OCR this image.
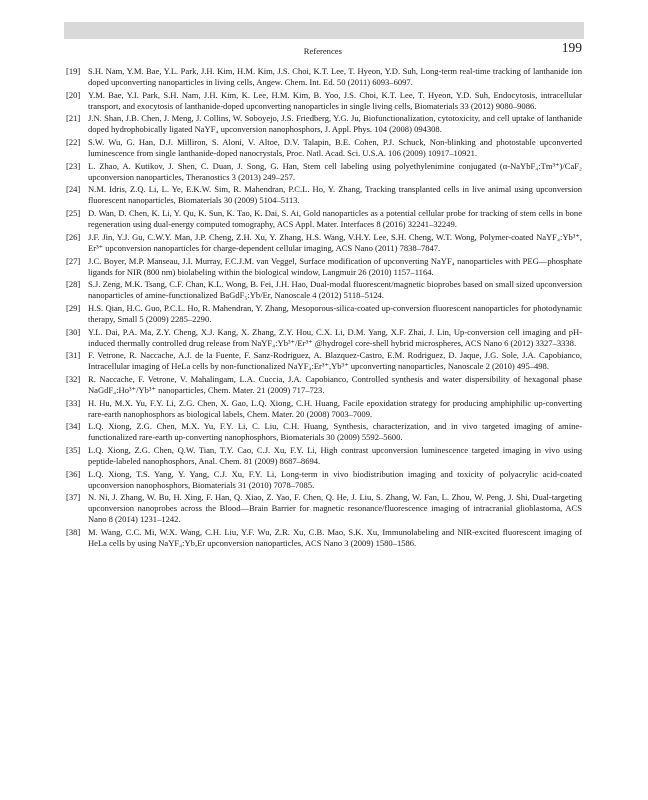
References	199
[19] S.H. Nam, Y.M. Bae, Y.L. Park, J.H. Kim, H.M. Kim, J.S. Choi, K.T. Lee, T. Hyeon, Y.D. Suh, Long-term real-time tracking of lanthanide ion doped upconverting nanoparticles in living cells, Angew. Chem. Int. Ed. 50 (2011) 6093–6097.
[20] Y.M. Bae, Y.I. Park, S.H. Nam, J.H. Kim, K. Lee, H.M. Kim, B. Yoo, J.S. Choi, K.T. Lee, T. Hyeon, Y.D. Suh, Endocytosis, intracellular transport, and exocytosis of lanthanide-doped upconverting nanoparticles in single living cells, Biomaterials 33 (2012) 9080–9086.
[21] J.N. Shan, J.B. Chen, J. Meng, J. Collins, W. Soboyejo, J.S. Friedberg, Y.G. Ju, Biofunctionalization, cytotoxicity, and cell uptake of lanthanide doped hydrophobically ligated NaYF₄ upconversion nanophosphors, J. Appl. Phys. 104 (2008) 094308.
[22] S.W. Wu, G. Han, D.J. Milliron, S. Aloni, V. Altoe, D.V. Talapin, B.E. Cohen, P.J. Schuck, Non-blinking and photostable upconverted luminescence from single lanthanide-doped nanocrystals, Proc. Natl. Acad. Sci. U.S.A. 106 (2009) 10917–10921.
[23] L. Zhao, A. Kutikov, J. Shen, C. Duan, J. Song, G. Han, Stem cell labeling using polyethylenimine conjugated (α-NaYbF₄:Tm³⁺)/CaF₂ upconversion nanoparticles, Theranostics 3 (2013) 249–257.
[24] N.M. Idris, Z.Q. Li, L. Ye, E.K.W. Sim, R. Mahendran, P.C.L. Ho, Y. Zhang, Tracking transplanted cells in live animal using upconversion fluorescent nanoparticles, Biomaterials 30 (2009) 5104–5113.
[25] D. Wan, D. Chen, K. Li, Y. Qu, K. Sun, K. Tao, K. Dai, S. Ai, Gold nanoparticles as a potential cellular probe for tracking of stem cells in bone regeneration using dual-energy computed tomography, ACS Appl. Mater. Interfaces 8 (2016) 32241–32249.
[26] J.F. Jin, Y.J. Gu, C.W.Y. Man, J.P. Cheng, Z.H. Xu, Y. Zhang, H.S. Wang, V.H.Y. Lee, S.H. Cheng, W.T. Wong, Polymer-coated NaYF₄:Yb³⁺, Er³⁺ upconversion nanoparticles for charge-dependent cellular imaging, ACS Nano (2011) 7838–7847.
[27] J.C. Boyer, M.P. Manseau, J.I. Murray, F.C.J.M. van Veggel, Surface modification of upconverting NaYF₄ nanoparticles with PEG—phosphate ligands for NIR (800 nm) biolabeling within the biological window, Langmuir 26 (2010) 1157–1164.
[28] S.J. Zeng, M.K. Tsang, C.F. Chan, K.L. Wong, B. Fei, J.H. Hao, Dual-modal fluorescent/magnetic bioprobes based on small sized upconversion nanoparticles of amine-functionalized BaGdF₅:Yb/Er, Nanoscale 4 (2012) 5118–5124.
[29] H.S. Qian, H.C. Guo, P.C.L. Ho, R. Mahendran, Y. Zhang, Mesoporous-silica-coated up-conversion fluorescent nanoparticles for photodynamic therapy, Small 5 (2009) 2285–2290.
[30] Y.L. Dai, P.A. Ma, Z.Y. Cheng, X.J. Kang, X. Zhang, Z.Y. Hou, C.X. Li, D.M. Yang, X.F. Zhai, J. Lin, Up-conversion cell imaging and pH-induced thermally controlled drug release from NaYF₄:Yb³⁺/Er³⁺ @hydrogel core-shell hybrid microspheres, ACS Nano 6 (2012) 3327–3338.
[31] F. Vetrone, R. Naccache, A.J. de la Fuente, F. Sanz-Rodriguez, A. Blazquez-Castro, E.M. Rodriguez, D. Jaque, J.G. Sole, J.A. Capobianco, Intracellular imaging of HeLa cells by non-functionalized NaYF₄:Er³⁺,Yb³⁺ upconverting nanoparticles, Nanoscale 2 (2010) 495–498.
[32] R. Naccache, F. Vetrone, V. Mahalingam, L.A. Cuccia, J.A. Capobianco, Controlled synthesis and water dispersibility of hexagonal phase NaGdF₄:Ho³⁺/Yb³⁺ nanoparticles, Chem. Mater. 21 (2009) 717–723.
[33] H. Hu, M.X. Yu, F.Y. Li, Z.G. Chen, X. Gao, L.Q. Xiong, C.H. Huang, Facile epoxidation strategy for producing amphiphilic up-converting rare-earth nanophosphors as biological labels, Chem. Mater. 20 (2008) 7003–7009.
[34] L.Q. Xiong, Z.G. Chen, M.X. Yu, F.Y. Li, C. Liu, C.H. Huang, Synthesis, characterization, and in vivo targeted imaging of amine-functionalized rare-earth up-converting nanophosphors, Biomaterials 30 (2009) 5592–5600.
[35] L.Q. Xiong, Z.G. Chen, Q.W. Tian, T.Y. Cao, C.J. Xu, F.Y. Li, High contrast upconversion luminescence targeted imaging in vivo using peptide-labeled nanophosphors, Anal. Chem. 81 (2009) 8687–8694.
[36] L.Q. Xiong, T.S. Yang, Y. Yang, C.J. Xu, F.Y. Li, Long-term in vivo biodistribution imaging and toxicity of polyacrylic acid-coated upconversion nanophosphors, Biomaterials 31 (2010) 7078–7085.
[37] N. Ni, J. Zhang, W. Bu, H. Xing, F. Han, Q. Xiao, Z. Yao, F. Chen, Q. He, J. Liu, S. Zhang, W. Fan, L. Zhou, W. Peng, J. Shi, Dual-targeting upconversion nanoprobes across the Blood—Brain Barrier for magnetic resonance/fluorescence imaging of intracranial glioblastoma, ACS Nano 8 (2014) 1231–1242.
[38] M. Wang, C.C. Mi, W.X. Wang, C.H. Liu, Y.F. Wu, Z.R. Xu, C.B. Mao, S.K. Xu, Immunolabeling and NIR-excited fluorescent imaging of HeLa cells by using NaYF₄:Yb,Er upconversion nanoparticles, ACS Nano 3 (2009) 1580–1586.
